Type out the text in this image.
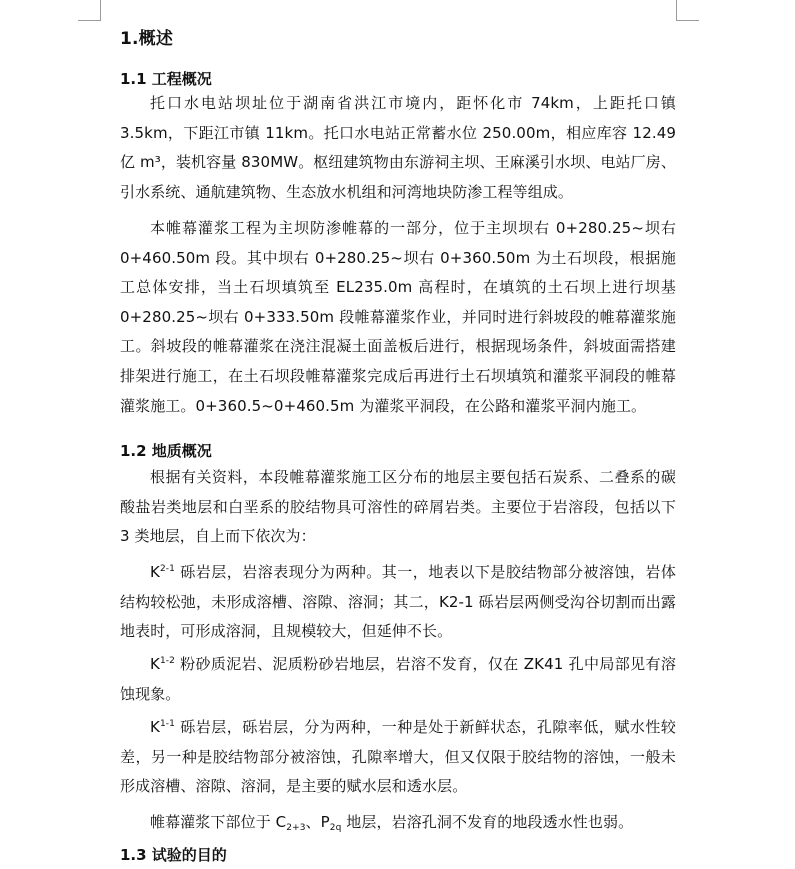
1.概述
1.1 工程概况

托口水电站坝址位于湖南省洪江市境内，距怀化市 74km，上距托口镇 3.5km，下距江市镇 11km。托口水电站正常蓄水位 250.00m，相应库容 12.49 亿 m³，装机容量 830MW。枢纽建筑物由东游祠主坝、王麻溪引水坝、电站厂房、引水系统、通航建筑物、生态放水机组和河湾地块防渗工程等组成。

本帷幕灌浆工程为主坝防渗帷幕的一部分，位于主坝坝右 0+280.25~坝右 0+460.50m 段。其中坝右 0+280.25~坝右 0+360.50m 为土石坝段，根据施工总体安排，当土石坝填筑至 EL235.0m 高程时，在填筑的土石坝上进行坝基 0+280.25~坝右 0+333.50m 段帷幕灌浆作业，并同时进行斜坡段的帷幕灌浆施工。斜坡段的帷幕灌浆在浇注混凝土面盖板后进行，根据现场条件，斜坡面需搭建排架进行施工，在土石坝段帷幕灌浆完成后再进行土石坝填筑和灌浆平洞段的帷幕灌浆施工。0+360.5~0+460.5m 为灌浆平洞段，在公路和灌浆平洞内施工。

1.2 地质概况

根据有关资料，本段帷幕灌浆施工区分布的地层主要包括石炭系、二叠系的碳酸盐岩类地层和白垩系的胶结物具可溶性的碎屑岩类。主要位于岩溶段，包括以下 3 类地层，自上而下依次为：

$K^{2-1}$ 砾岩层，岩溶表现分为两种。其一，地表以下是胶结物部分被溶蚀，岩体结构较松弛，未形成溶槽、溶隙、溶洞；其二，K2-1 砾岩层两侧受沟谷切割而出露地表时，可形成溶洞，且规模较大，但延伸不长。

$K^{1-2}$ 粉砂质泥岩、泥质粉砂岩地层，岩溶不发育，仅在 ZK41 孔中局部见有溶蚀现象。

$K^{1-1}$ 砾岩层，砾岩层，分为两种，一种是处于新鲜状态，孔隙率低，赋水性较差，另一种是胶结物部分被溶蚀，孔隙率增大，但又仅限于胶结物的溶蚀，一般未形成溶槽、溶隙、溶洞，是主要的赋水层和透水层。

帷幕灌浆下部位于 $C_{2+3}$、$P_{2q}$ 地层，岩溶孔洞不发育的地段透水性也弱。

1.3 试验的目的
